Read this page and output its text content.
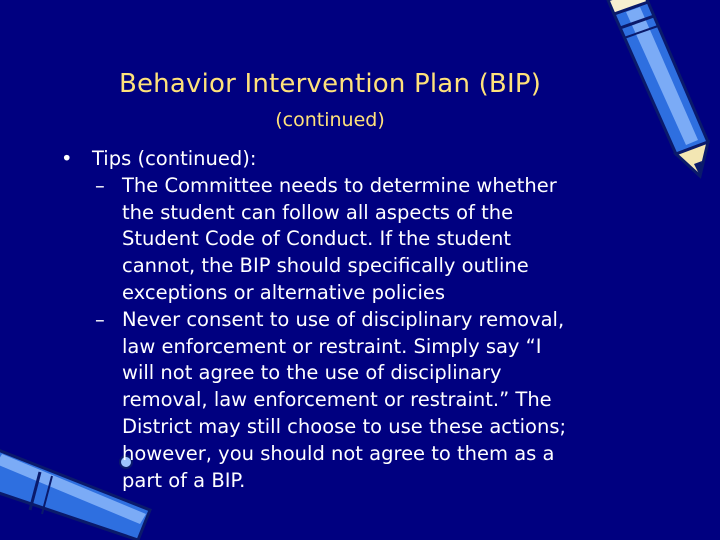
Behavior Intervention Plan (BIP)
(continued)
• Tips (continued):
– The Committee needs to determine whether
the student can follow all aspects of the
Student Code of Conduct. If the student
cannot, the BIP should specifically outline
exceptions or alternative policies
– Never consent to use of disciplinary removal,
law enforcement or restraint. Simply say “I
will not agree to the use of disciplinary
removal, law enforcement or restraint.” The
District may still choose to use these actions;
however, you should not agree to them as a
part of a BIP.
